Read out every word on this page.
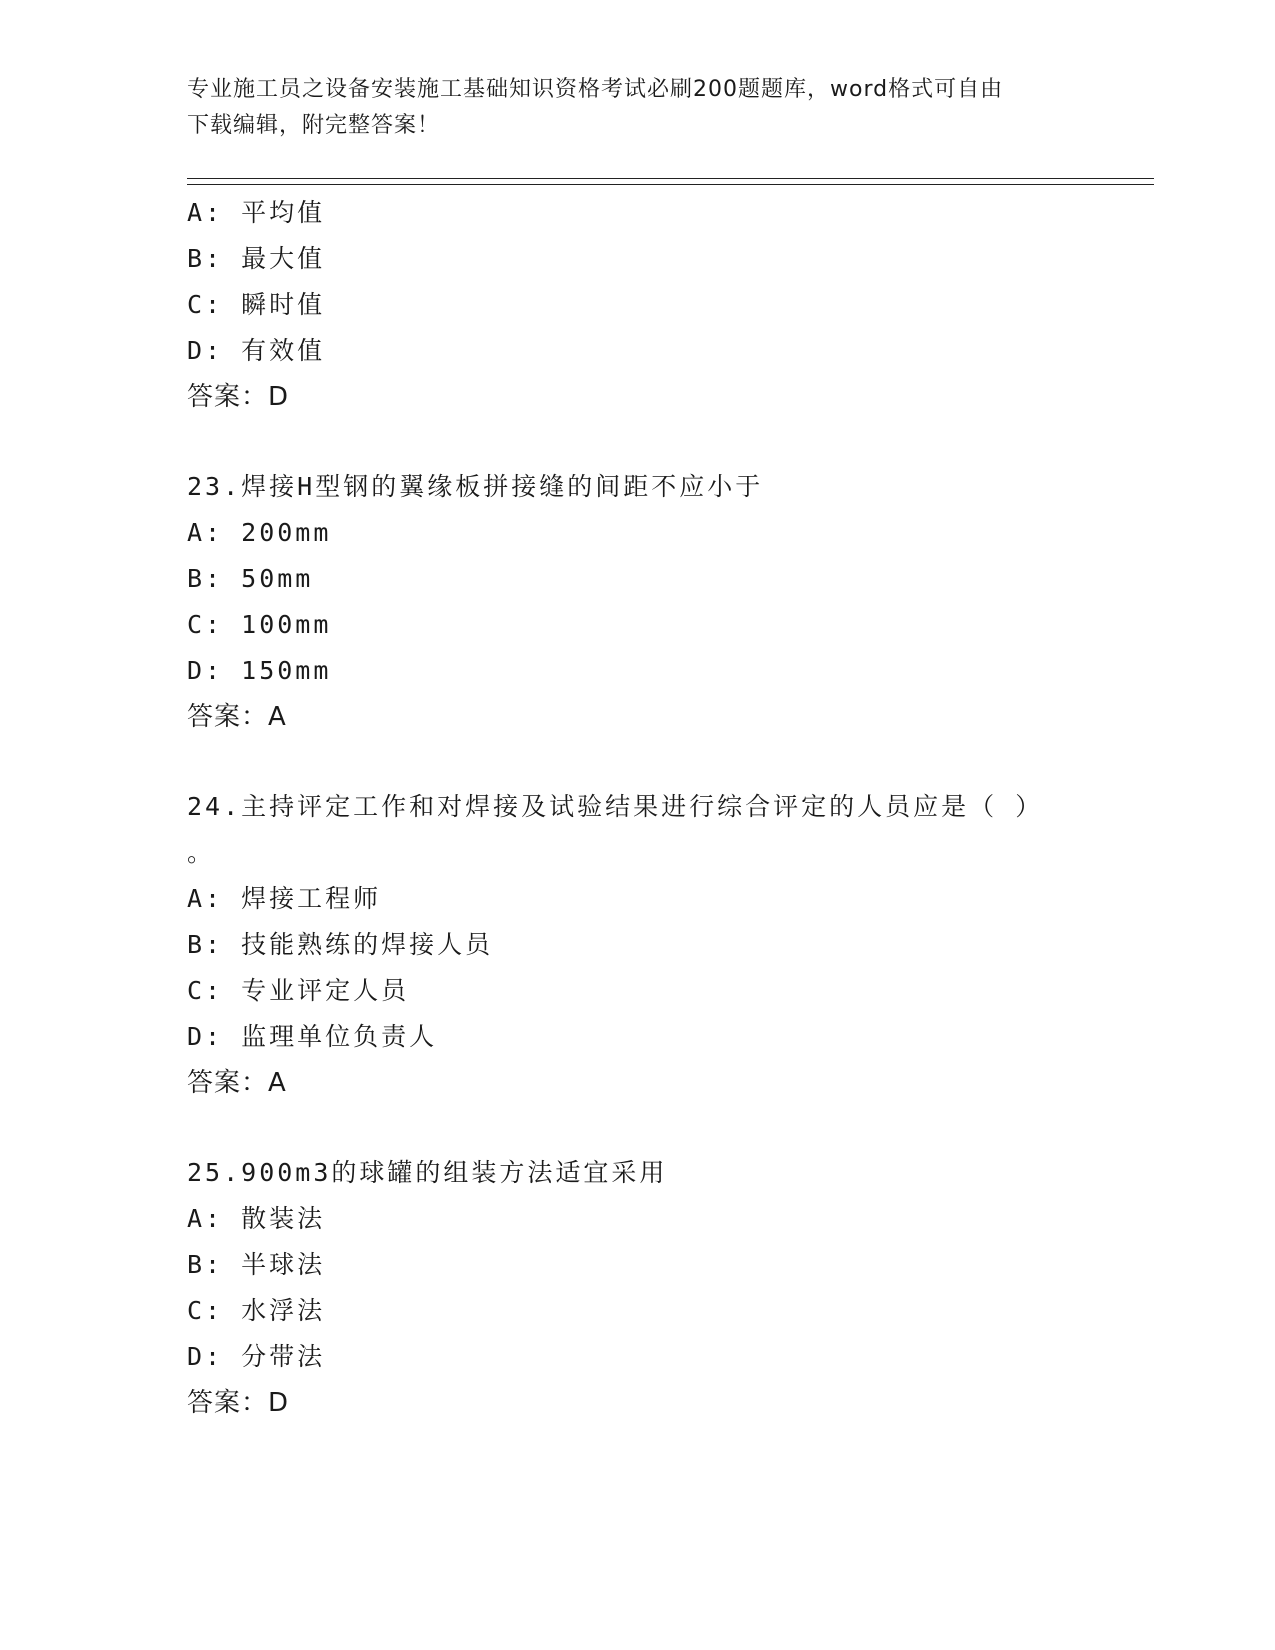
专业施工员之设备安装施工基础知识资格考试必刷200题题库，word格式可自由
下载编辑，附完整答案！
A: 平均值
B: 最大值
C: 瞬时值
D: 有效值
答案：D
23.焊接H型钢的翼缘板拼接缝的间距不应小于
A: 200mm
B: 50mm
C: 100mm
D: 150mm
答案：A
24.主持评定工作和对焊接及试验结果进行综合评定的人员应是（ ）
。
A: 焊接工程师
B: 技能熟练的焊接人员
C: 专业评定人员
D: 监理单位负责人
答案：A
25.900m3的球罐的组装方法适宜采用
A: 散装法
B: 半球法
C: 水浮法
D: 分带法
答案：D
